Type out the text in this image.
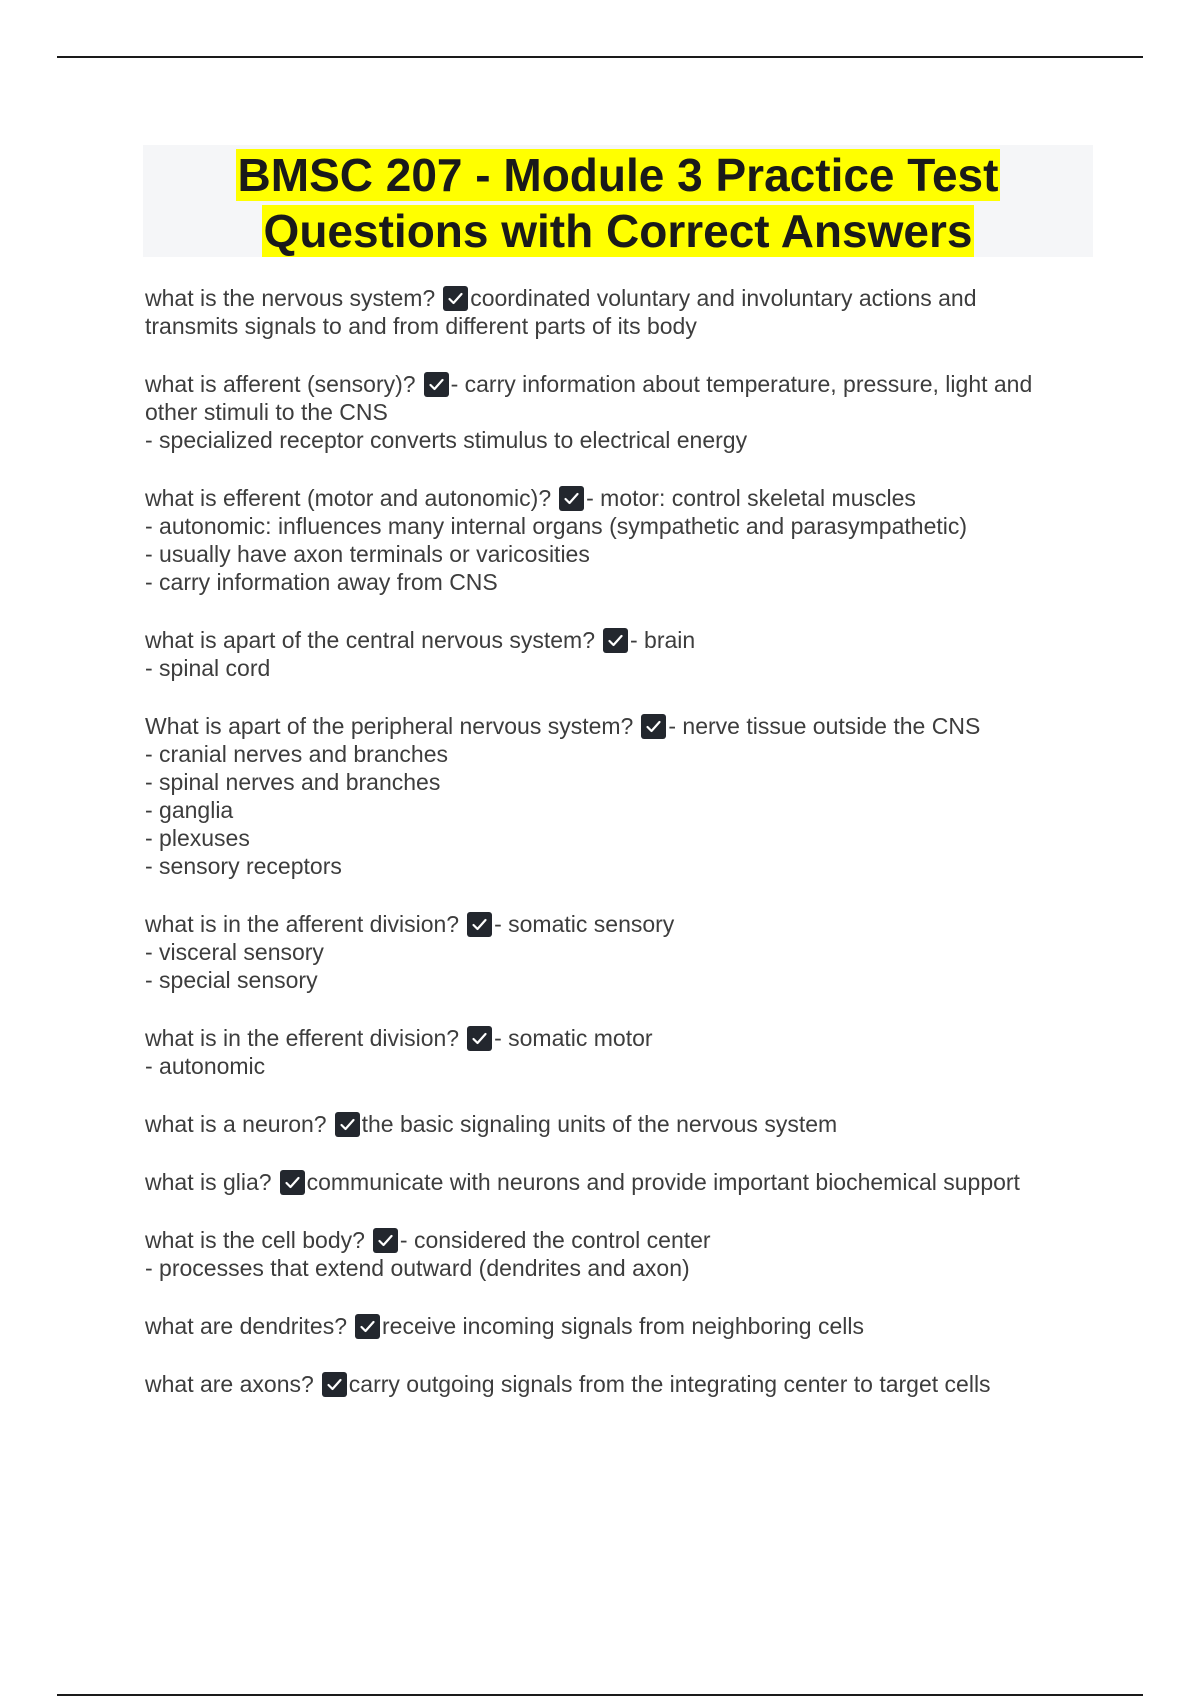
BMSC 207 - Module 3 Practice Test
Questions with Correct Answers
what is the nervous system? coordinated voluntary and involuntary actions and
transmits signals to and from different parts of its body
what is afferent (sensory)? - carry information about temperature, pressure, light and
other stimuli to the CNS
- specialized receptor converts stimulus to electrical energy
what is efferent (motor and autonomic)? - motor: control skeletal muscles
- autonomic: influences many internal organs (sympathetic and parasympathetic)
- usually have axon terminals or varicosities
- carry information away from CNS
what is apart of the central nervous system? - brain
- spinal cord
What is apart of the peripheral nervous system? - nerve tissue outside the CNS
- cranial nerves and branches
- spinal nerves and branches
- ganglia
- plexuses
- sensory receptors
what is in the afferent division? - somatic sensory
- visceral sensory
- special sensory
what is in the efferent division? - somatic motor
- autonomic
what is a neuron? the basic signaling units of the nervous system
what is glia? communicate with neurons and provide important biochemical support
what is the cell body? - considered the control center
- processes that extend outward (dendrites and axon)
what are dendrites? receive incoming signals from neighboring cells
what are axons? carry outgoing signals from the integrating center to target cells
